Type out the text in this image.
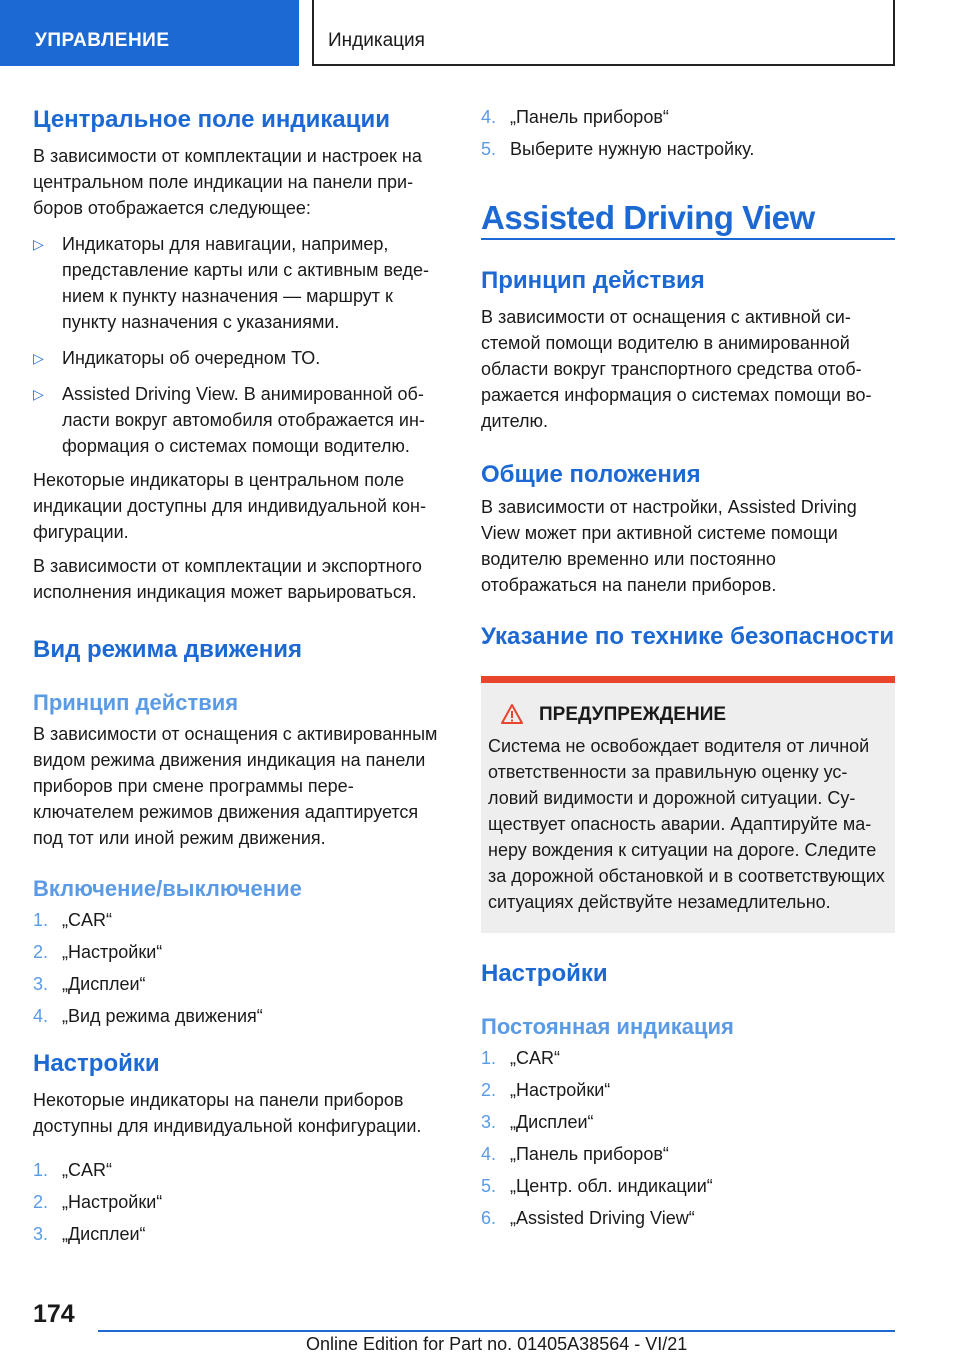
УПРАВЛЕНИЕ	Индикация
Центральное поле индикации
В зависимости от комплектации и настроек на центральном поле индикации на панели приборов отображается следующее:
▷ Индикаторы для навигации, например, представление карты или с активным ведением к пункту назначения — маршрут к пункту назначения с указаниями.
▷ Индикаторы об очередном ТО.
▷ Assisted Driving View. В анимированной области вокруг автомобиля отображается информация о системах помощи водителю.
Некоторые индикаторы в центральном поле индикации доступны для индивидуальной конфигурации.
В зависимости от комплектации и экспортного исполнения индикация может варьироваться.
Вид режима движения
Принцип действия
В зависимости от оснащения с активированным видом режима движения индикация на панели приборов при смене программы переключателем режимов движения адаптируется под тот или иной режим движения.
Включение/выключение
1. „CAR“
2. „Настройки“
3. „Дисплеи“
4. „Вид режима движения“
Настройки
Некоторые индикаторы на панели приборов доступны для индивидуальной конфигурации.
1. „CAR“
2. „Настройки“
3. „Дисплеи“
4. „Панель приборов“
5. Выберите нужную настройку.
Assisted Driving View
Принцип действия
В зависимости от оснащения с активной системой помощи водителю в анимированной области вокруг транспортного средства отображается информация о системах помощи водителю.
Общие положения
В зависимости от настройки, Assisted Driving View может при активной системе помощи водителю временно или постоянно отображаться на панели приборов.
Указание по технике безопасности
ПРЕДУПРЕЖДЕНИЕ
Система не освобождает водителя от личной ответственности за правильную оценку условий видимости и дорожной ситуации. Существует опасность аварии. Адаптируйте манеру вождения к ситуации на дороге. Следите за дорожной обстановкой и в соответствующих ситуациях действуйте незамедлительно.
Настройки
Постоянная индикация
1. „CAR“
2. „Настройки“
3. „Дисплеи“
4. „Панель приборов“
5. „Центр. обл. индикации“
6. „Assisted Driving View“
174
Online Edition for Part no. 01405A38564 - VI/21
